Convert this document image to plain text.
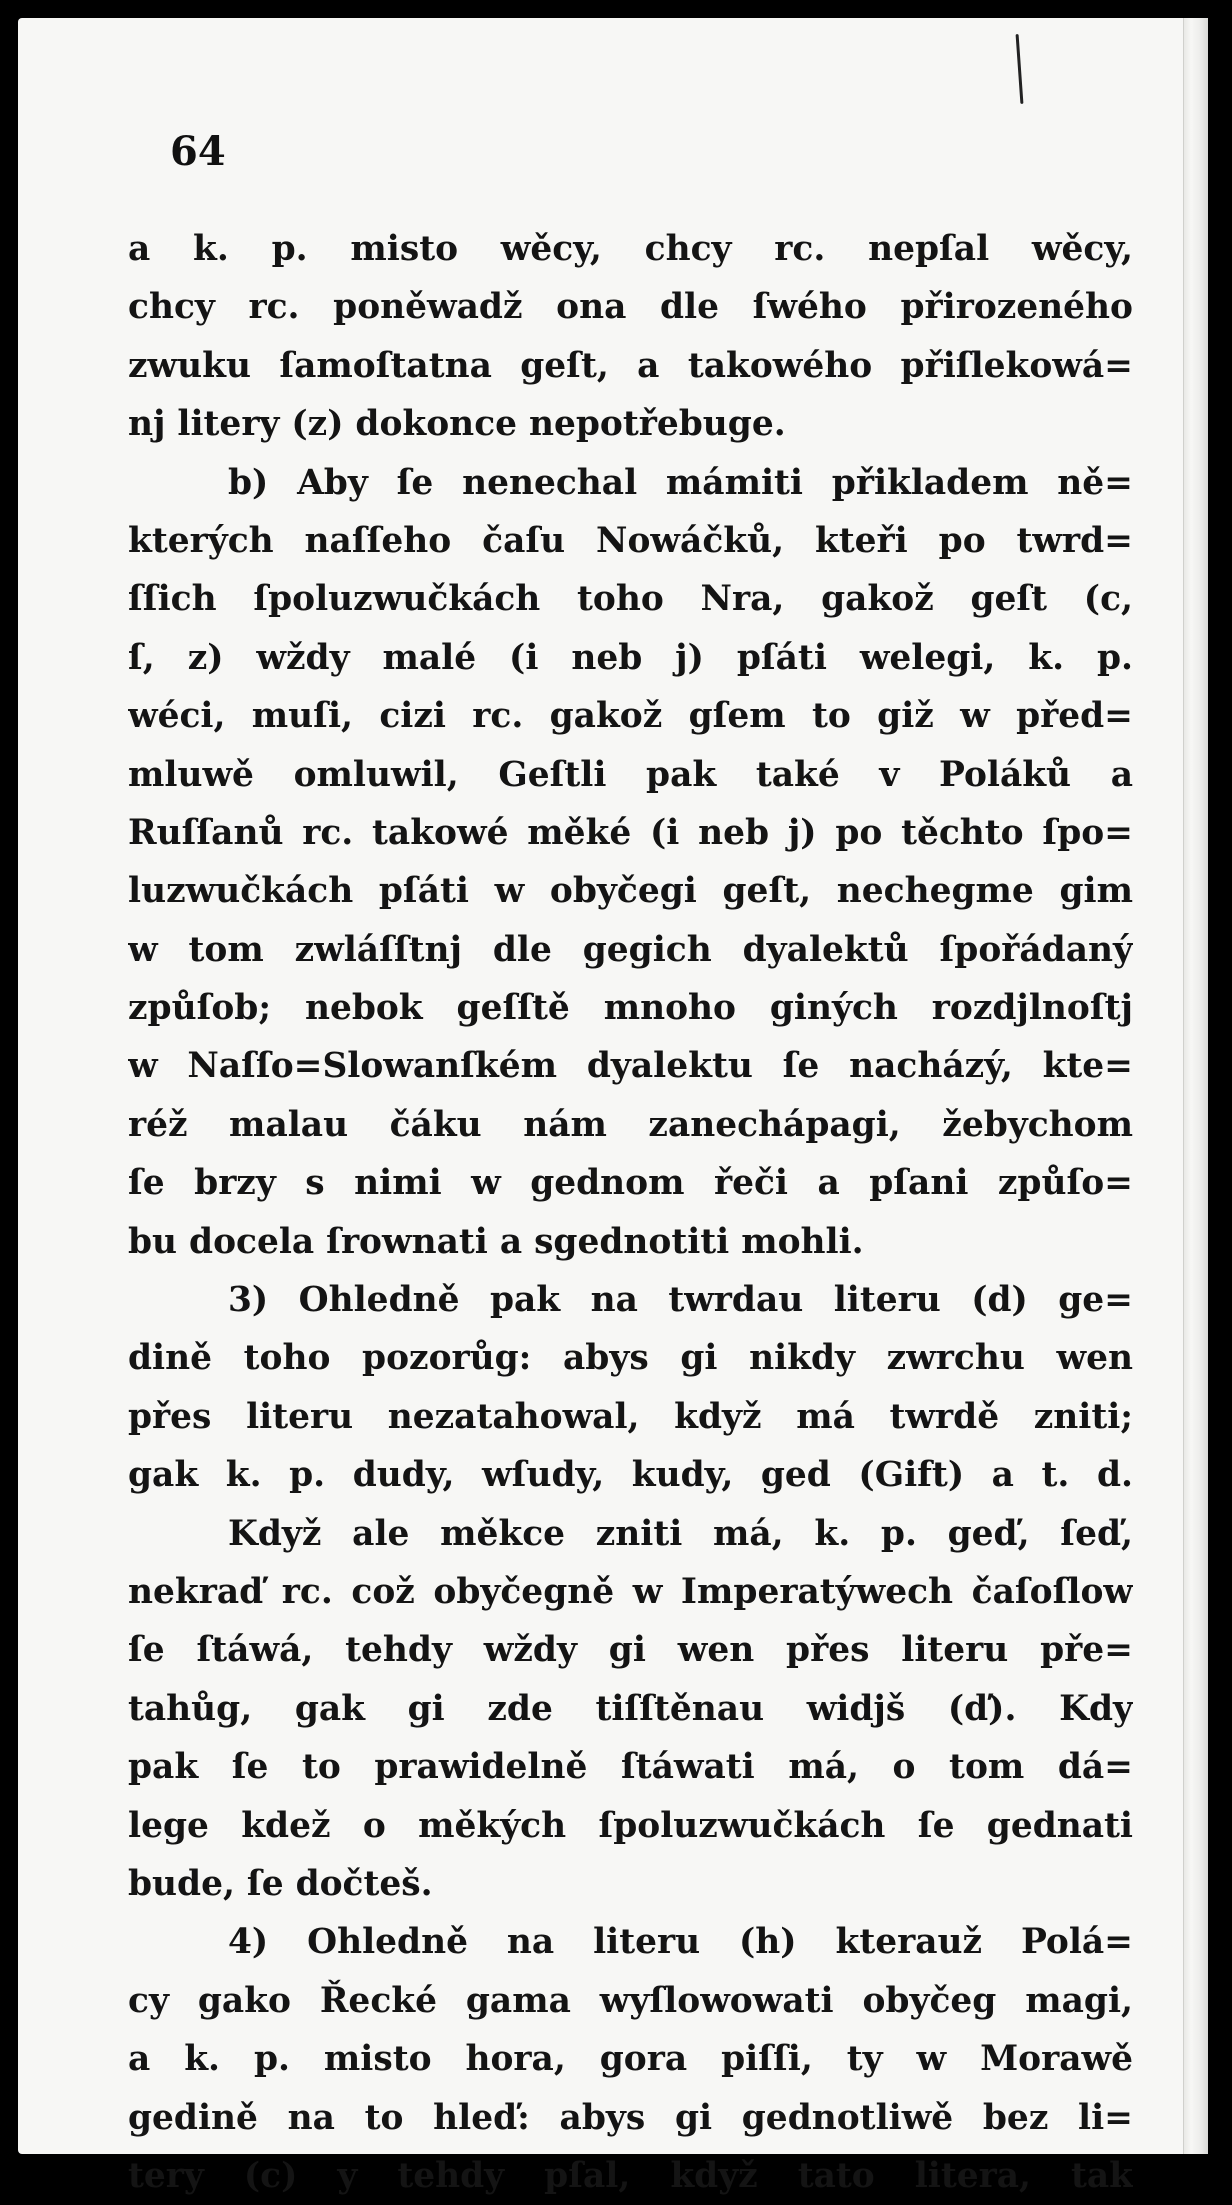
64
a k. p. misto wěcy, chcy rc. nepſal wěcy,
chcy rc. poněwadž ona dle ſwého přirozeného
zwuku ſamoſtatna geſt, a takowého přiſlekowá=
nj litery (z) dokonce nepotřebuge.
b) Aby ſe nenechal mámiti přikladem ně=
kterých naſſeho čaſu Nowáčků, kteři po twrd=
ſſich ſpoluzwučkách toho Nra, gakož geſt (c,
ſ, z) wždy malé (i neb j) pſáti welegi, k. p.
wéci, muſi, cizi rc. gakož gſem to giž w před=
mluwě omluwil, Geſtli pak také v Poláků a
Ruſſanů rc. takowé měké (i neb j) po těchto ſpo=
luzwučkách pſáti w obyčegi geſt, nechegme gim
w tom zwláſſtnj dle gegich dyalektů ſpořádaný
způſob; nebok geſſtě mnoho giných rozdjlnoſtj
w Naſſo=Slowanſkém dyalektu ſe nacházý, kte=
réž malau čáku nám zanechápagi, žebychom
ſe brzy s nimi w gednom řeči a pſani způſo=
bu docela ſrownati a sgednotiti mohli.
3) Ohledně pak na twrdau literu (d) ge=
dině toho pozorůg: abys gi nikdy zwrchu wen
přes literu nezatahowal, když má twrdě zniti;
gak k. p. dudy, wſudy, kudy, ged (Gift) a t. d.
Když ale měkce zniti má, k. p. geď, ſeď,
nekraď rc. což obyčegně w Imperatýwech čaſoſlow
ſe ſtáwá, tehdy wždy gi wen přes literu pře=
tahůg, gak gi zde tiſſtěnau widjš (ď). Kdy
pak ſe to prawidelně ſtáwati má, o tom dá=
lege kdež o měkých ſpoluzwučkách ſe gednati
bude, ſe dočteš.
4) Ohledně na literu (h) kterauž Polá=
cy gako Řecké gama wyſlowowati obyčeg magi,
a k. p. misto hora, gora piſſi, ty w Morawě
gedině na to hleď: abys gi gednotliwě bez li=
tery (c) y tehdy pſal, když tato litera, tak
